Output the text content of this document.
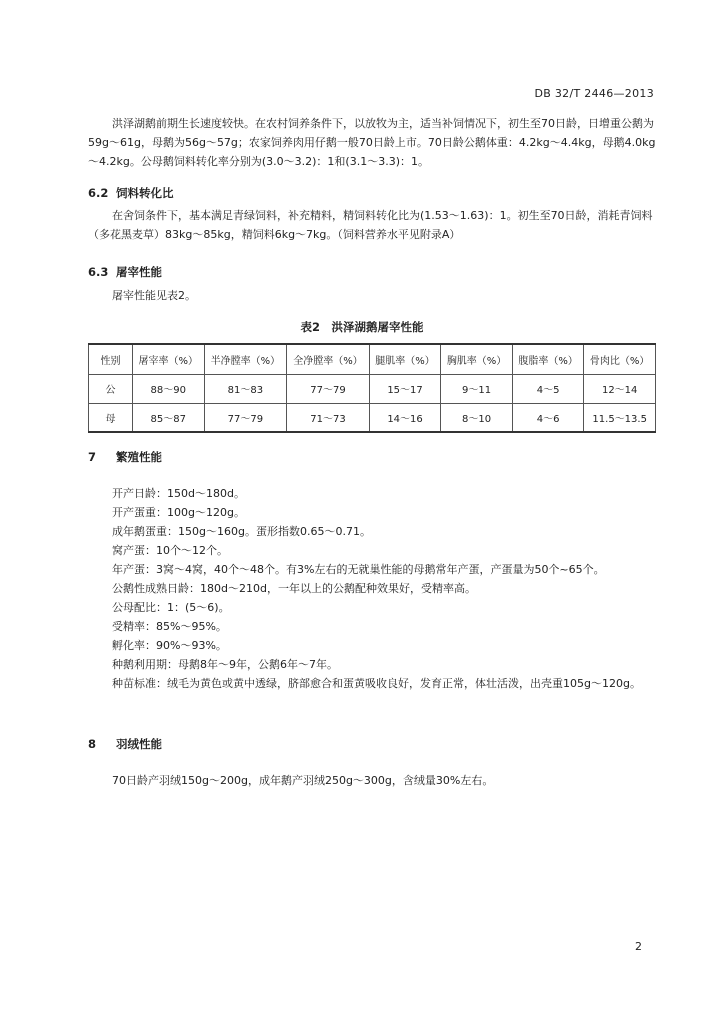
DB 32/T 2446—2013
洪泽湖鹅前期生长速度较快。在农村饲养条件下，以放牧为主，适当补饲情况下，初生至70日龄，日增重公鹅为59g～61g，母鹅为56g～57g；农家饲养肉用仔鹅一般70日龄上市。70日龄公鹅体重：4.2kg～4.4kg，母鹅4.0kg～4.2kg。公母鹅饲料转化率分别为(3.0～3.2)：1和(3.1～3.3)：1。
6.2 饲料转化比
在舍饲条件下，基本满足青绿饲料，补充精料，精饲料转化比为(1.53～1.63)：1。初生至70日龄，消耗青饲料（多花黑麦草）83kg～85kg，精饲料6kg～7kg。（饲料营养水平见附录A）
6.3 屠宰性能
屠宰性能见表2。
表2　洪泽湖鹅屠宰性能
性别	屠宰率（%）	半净膛率（%）	全净膛率（%）	腿肌率（%）	胸肌率（%）	腹脂率（%）	骨肉比（%）
公	88～90	81～83	77～79	15～17	9～11	4～5	12～14
母	85～87	77～79	71～73	14～16	8～10	4～6	11.5～13.5
7 繁殖性能
开产日龄：150d～180d。
开产蛋重：100g～120g。
成年鹅蛋重：150g～160g。蛋形指数0.65～0.71。
窝产蛋：10个～12个。
年产蛋：3窝～4窝，40个～48个。有3%左右的无就巢性能的母鹅常年产蛋，产蛋量为50个~65个。
公鹅性成熟日龄：180d～210d，一年以上的公鹅配种效果好，受精率高。
公母配比：1：(5～6)。
受精率：85%～95%。
孵化率：90%～93%。
种鹅利用期：母鹅8年～9年，公鹅6年～7年。
种苗标准：绒毛为黄色或黄中透绿，脐部愈合和蛋黄吸收良好，发育正常，体壮活泼，出壳重105g～120g。
8 羽绒性能
70日龄产羽绒150g～200g，成年鹅产羽绒250g～300g，含绒量30%左右。
2
